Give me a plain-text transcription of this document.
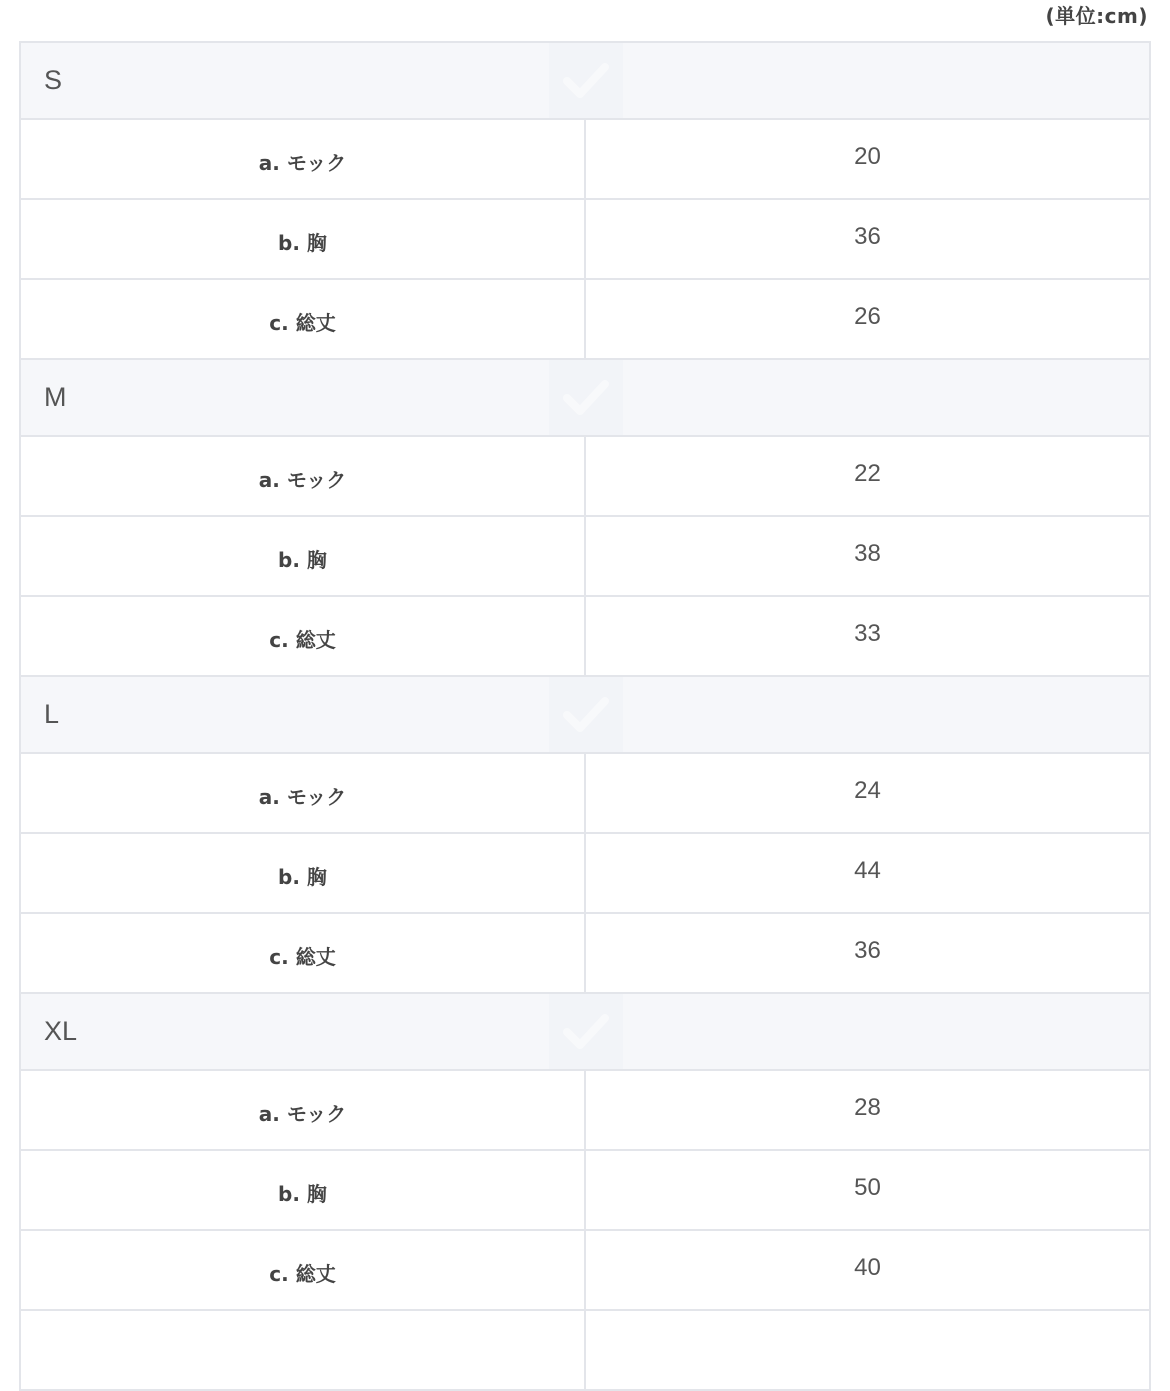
(単位:cm)
S
a. モック	20
b. 胸	36
c. 総丈	26
M
a. モック	22
b. 胸	38
c. 総丈	33
L
a. モック	24
b. 胸	44
c. 総丈	36
XL
a. モック	28
b. 胸	50
c. 総丈	40
